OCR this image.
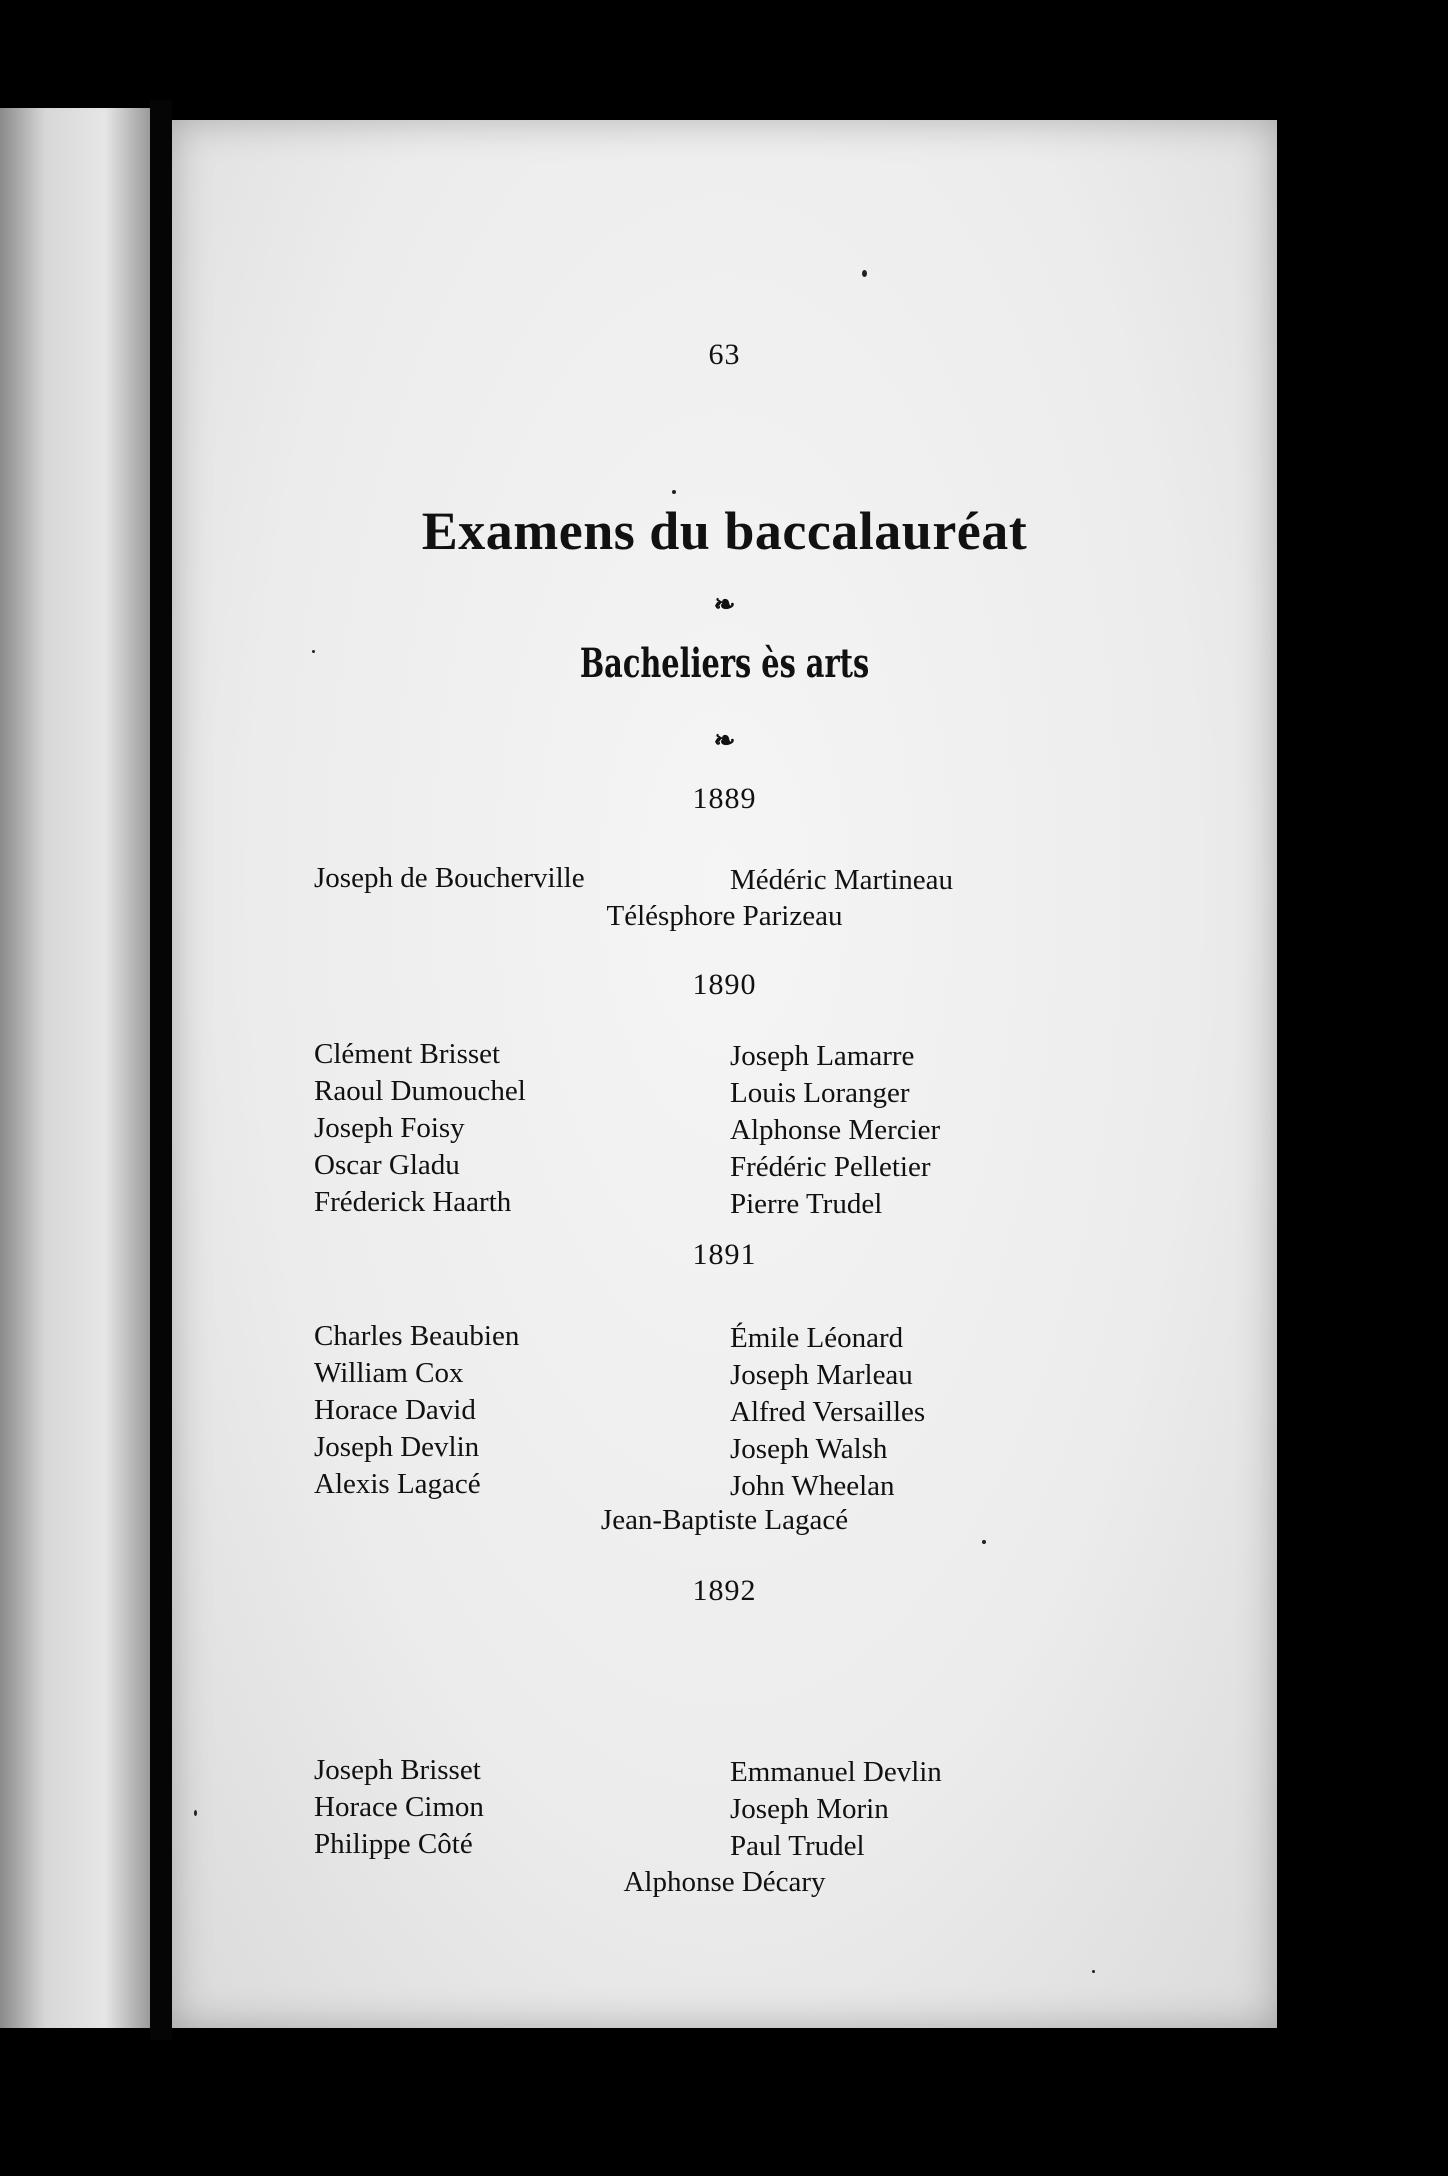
63
Examens du baccalauréat
❧
Bacheliers ès arts
❧
1889
Joseph de Boucherville	Médéric Martineau
Télésphore Parizeau
1890
Clément Brisset
Raoul Dumouchel
Joseph Foisy
Oscar Gladu
Fréderick Haarth
Joseph Lamarre
Louis Loranger
Alphonse Mercier
Frédéric Pelletier
Pierre Trudel
1891
Charles Beaubien
William Cox
Horace David
Joseph Devlin
Alexis Lagacé
Émile Léonard
Joseph Marleau
Alfred Versailles
Joseph Walsh
John Wheelan
Jean-Baptiste Lagacé
1892
Joseph Brisset
Horace Cimon
Philippe Côté
Emmanuel Devlin
Joseph Morin
Paul Trudel
Alphonse Décary
